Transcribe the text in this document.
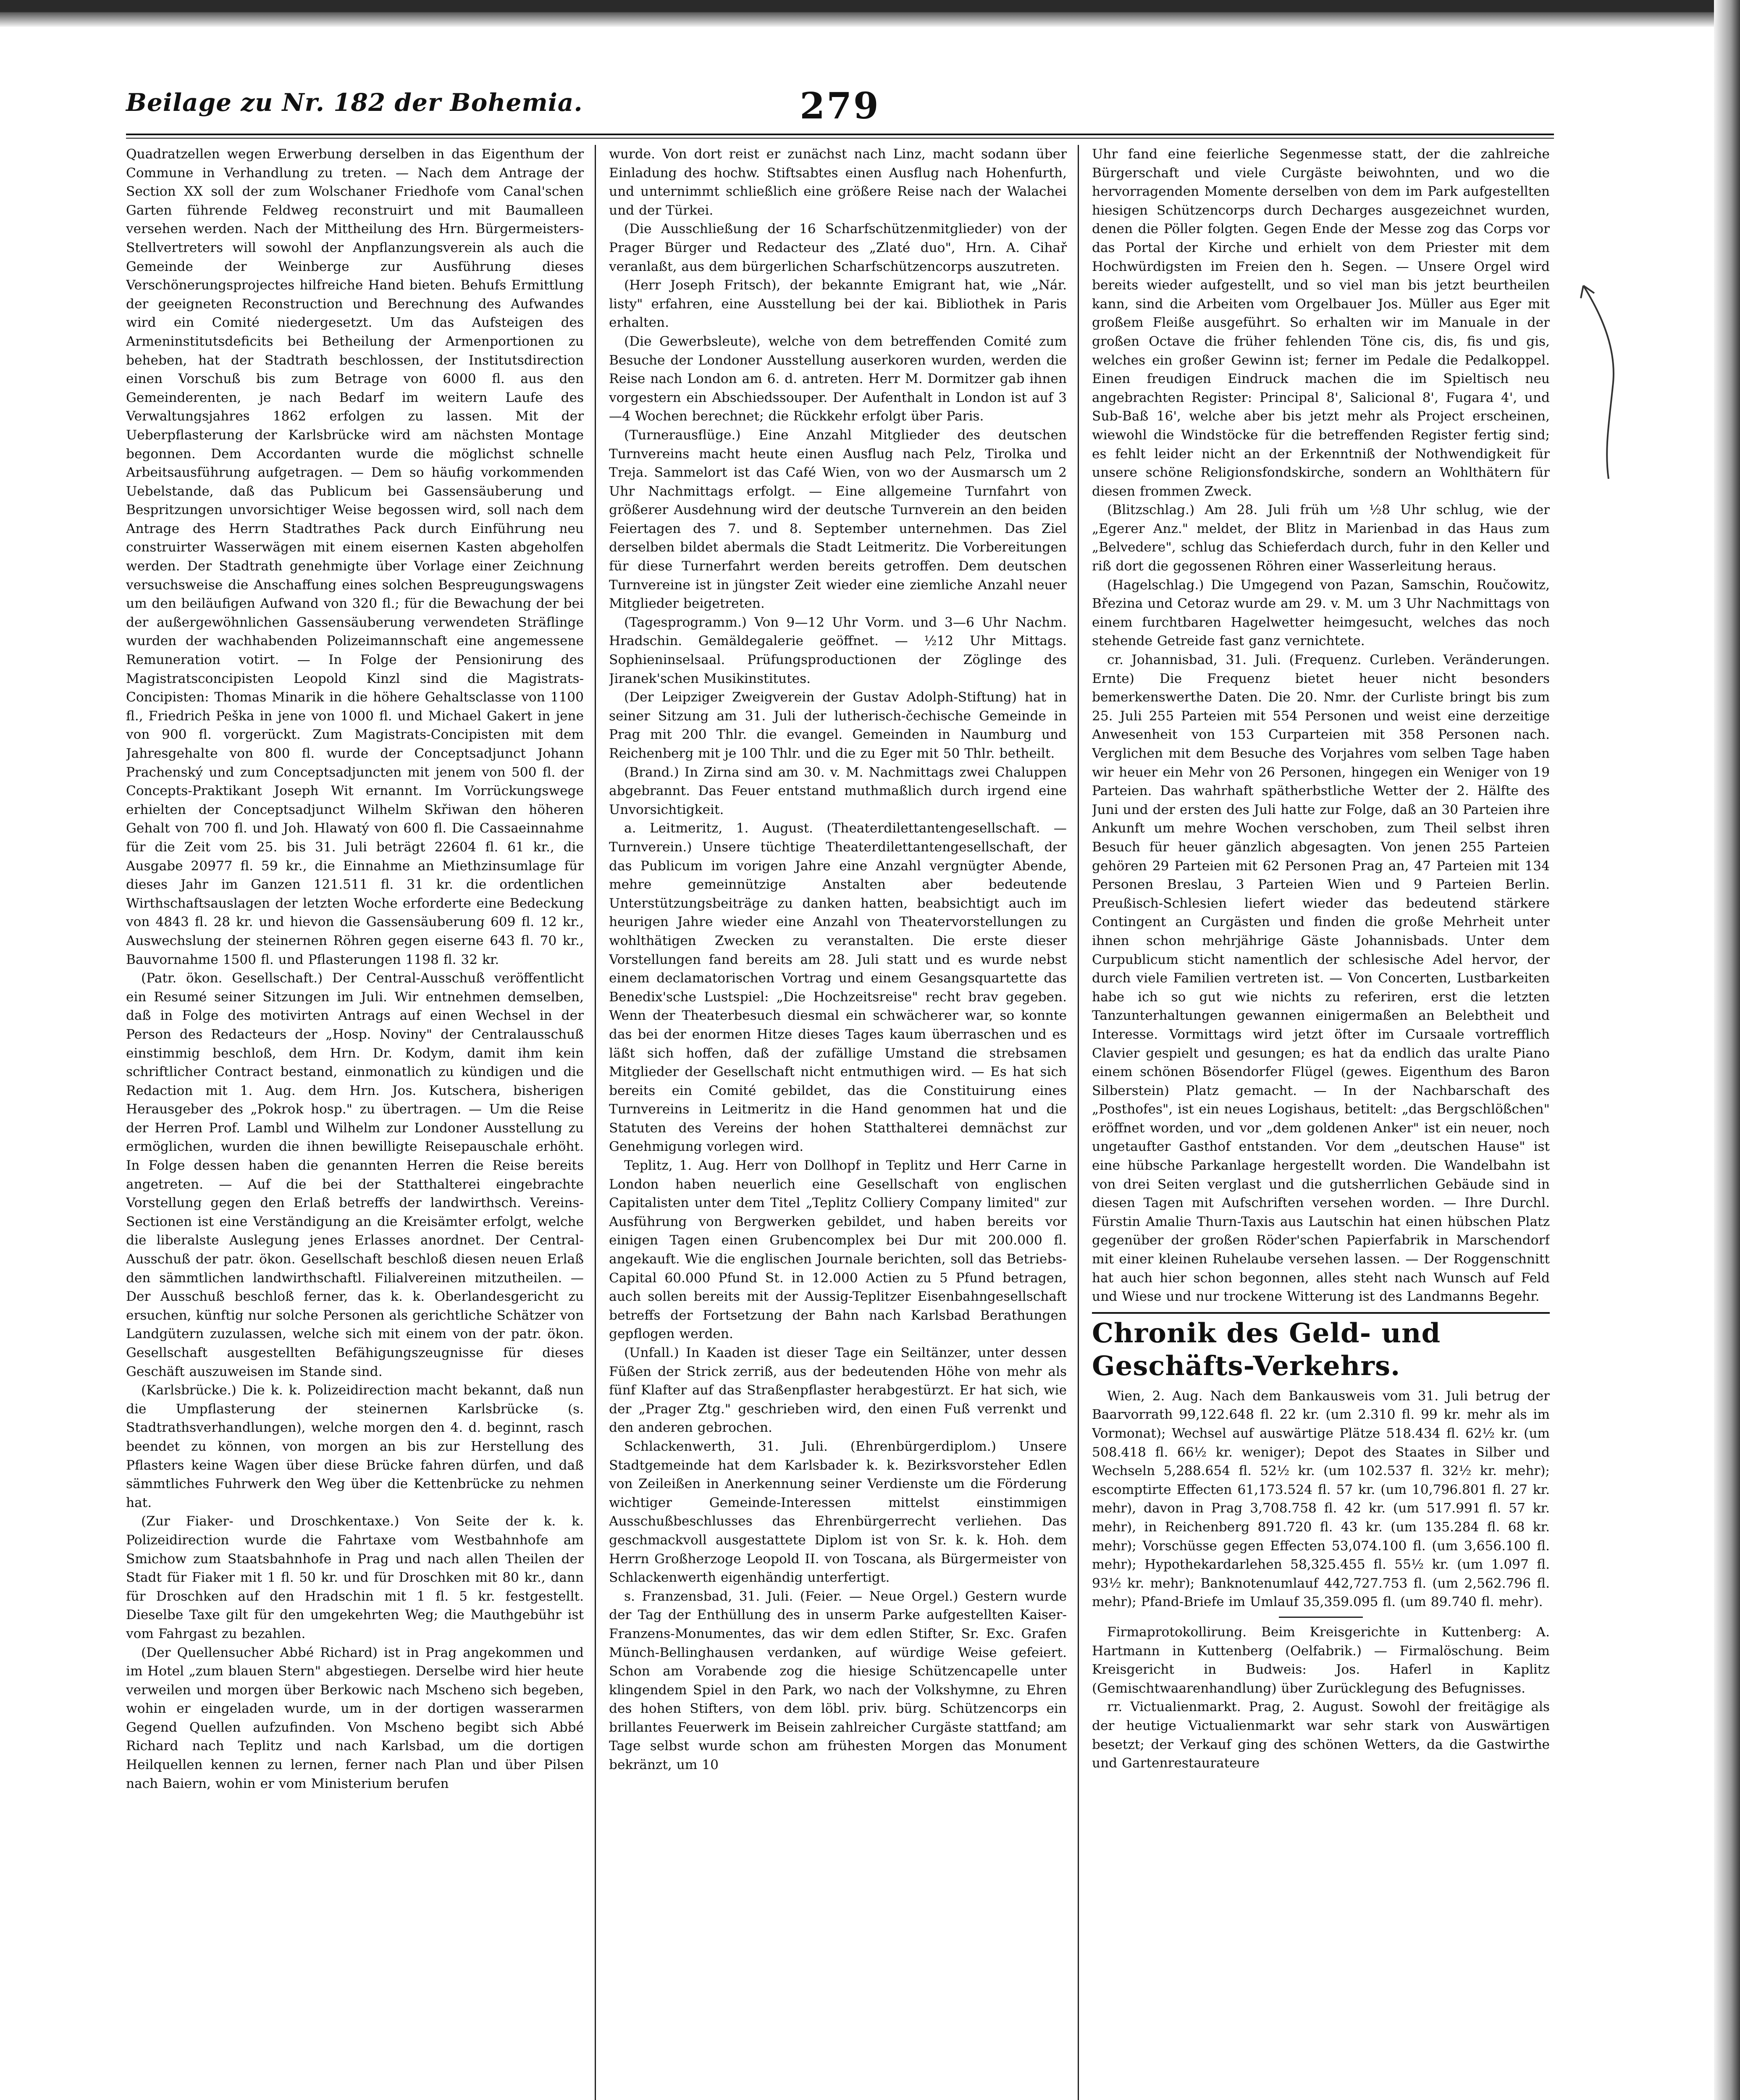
Beilage zu Nr. 182 der Bohemia.	279

Quadratzellen wegen Erwerbung derselben in das Eigenthum der Commune in Verhandlung zu treten. — Nach dem Antrage der Section XX soll der zum Wolschaner Friedhofe vom Canal'schen Garten führende Feldweg reconstruirt und mit Baumalleen versehen werden. Nach der Mittheilung des Hrn. Bürgermeisters-Stellvertreters will sowohl der Anpflanzungsverein als auch die Gemeinde der Weinberge zur Ausführung dieses Verschönerungsprojectes hilfreiche Hand bieten. Behufs Ermittlung der geeigneten Reconstruction und Berechnung des Aufwandes wird ein Comité niedergesetzt. Um das Aufsteigen des Armeninstitutsdeficits bei Betheilung der Armenportionen zu beheben, hat der Stadtrath beschlossen, der Institutsdirection einen Vorschuß bis zum Betrage von 6000 fl. aus den Gemeinderenten, je nach Bedarf im weitern Laufe des Verwaltungsjahres 1862 erfolgen zu lassen. Mit der Ueberpflasterung der Karlsbrücke wird am nächsten Montage begonnen. Dem Accordanten wurde die möglichst schnelle Arbeitsausführung aufgetragen. — Dem so häufig vorkommenden Uebelstande, daß das Publicum bei Gassensäuberung und Bespritzungen unvorsichtiger Weise begossen wird, soll nach dem Antrage des Herrn Stadtrathes Pack durch Einführung neu construirter Wasserwägen mit einem eisernen Kasten abgeholfen werden. Der Stadtrath genehmigte über Vorlage einer Zeichnung versuchsweise die Anschaffung eines solchen Bespreugungswagens um den beiläufigen Aufwand von 320 fl.; für die Bewachung der bei der außergewöhnlichen Gassensäuberung verwendeten Sträflinge wurden der wachhabenden Polizeimannschaft eine angemessene Remuneration votirt. — In Folge der Pensionirung des Magistratsconcipisten Leopold Kinzl sind die Magistrats-Concipisten: Thomas Minarik in die höhere Gehaltsclasse von 1100 fl., Friedrich Peška in jene von 1000 fl. und Michael Gakert in jene von 900 fl. vorgerückt. Zum Magistrats-Concipisten mit dem Jahresgehalte von 800 fl. wurde der Conceptsadjunct Johann Prachenský und zum Conceptsadjuncten mit jenem von 500 fl. der Concepts-Praktikant Joseph Wit ernannt. Im Vorrückungswege erhielten der Conceptsadjunct Wilhelm Skřiwan den höheren Gehalt von 700 fl. und Joh. Hlawatý von 600 fl. Die Cassaeinnahme für die Zeit vom 25. bis 31. Juli beträgt 22604 fl. 61 kr., die Ausgabe 20977 fl. 59 kr., die Einnahme an Miethzinsumlage für dieses Jahr im Ganzen 121.511 fl. 31 kr. die ordentlichen Wirthschaftsauslagen der letzten Woche erforderte eine Bedeckung von 4843 fl. 28 kr. und hievon die Gassensäuberung 609 fl. 12 kr., Auswechslung der steinernen Röhren gegen eiserne 643 fl. 70 kr., Bauvornahme 1500 fl. und Pflasterungen 1198 fl. 32 kr.

(Patr. ökon. Gesellschaft.) Der Central-Ausschuß veröffentlicht ein Resumé seiner Sitzungen im Juli. Wir entnehmen demselben, daß in Folge des motivirten Antrags auf einen Wechsel in der Person des Redacteurs der „Hosp. Noviny" der Centralausschuß einstimmig beschloß, dem Hrn. Dr. Kodym, damit ihm kein schriftlicher Contract bestand, einmonatlich zu kündigen und die Redaction mit 1. Aug. dem Hrn. Jos. Kutschera, bisherigen Herausgeber des „Pokrok hosp." zu übertragen. — Um die Reise der Herren Prof. Lambl und Wilhelm zur Londoner Ausstellung zu ermöglichen, wurden die ihnen bewilligte Reisepauschale erhöht. In Folge dessen haben die genannten Herren die Reise bereits angetreten. — Auf die bei der Statthalterei eingebrachte Vorstellung gegen den Erlaß betreffs der landwirthsch. Vereins-Sectionen ist eine Verständigung an die Kreisämter erfolgt, welche die liberalste Auslegung jenes Erlasses anordnet. Der Central-Ausschuß der patr. ökon. Gesellschaft beschloß diesen neuen Erlaß den sämmtlichen landwirthschaftl. Filialvereinen mitzutheilen. — Der Ausschuß beschloß ferner, das k. k. Oberlandesgericht zu ersuchen, künftig nur solche Personen als gerichtliche Schätzer von Landgütern zuzulassen, welche sich mit einem von der patr. ökon. Gesellschaft ausgestellten Befähigungszeugnisse für dieses Geschäft auszuweisen im Stande sind.

(Karlsbrücke.) Die k. k. Polizeidirection macht bekannt, daß nun die Umpflasterung der steinernen Karlsbrücke (s. Stadtrathsverhandlungen), welche morgen den 4. d. beginnt, rasch beendet zu können, von morgen an bis zur Herstellung des Pflasters keine Wagen über diese Brücke fahren dürfen, und daß sämmtliches Fuhrwerk den Weg über die Kettenbrücke zu nehmen hat.

(Zur Fiaker- und Droschkentaxe.) Von Seite der k. k. Polizeidirection wurde die Fahrtaxe vom Westbahnhofe am Smichow zum Staatsbahnhofe in Prag und nach allen Theilen der Stadt für Fiaker mit 1 fl. 50 kr. und für Droschken mit 80 kr., dann für Droschken auf den Hradschin mit 1 fl. 5 kr. festgestellt. Dieselbe Taxe gilt für den umgekehrten Weg; die Mauthgebühr ist vom Fahrgast zu bezahlen.

(Der Quellensucher Abbé Richard) ist in Prag angekommen und im Hotel „zum blauen Stern" abgestiegen. Derselbe wird hier heute verweilen und morgen über Berkowic nach Mscheno sich begeben, wohin er eingeladen wurde, um in der dortigen wasserarmen Gegend Quellen aufzufinden. Von Mscheno begibt sich Abbé Richard nach Teplitz und nach Karlsbad, um die dortigen Heilquellen kennen zu lernen, ferner nach Plan und über Pilsen nach Baiern, wohin er vom Ministerium berufen

wurde. Von dort reist er zunächst nach Linz, macht sodann über Einladung des hochw. Stiftsabtes einen Ausflug nach Hohenfurth, und unternimmt schließlich eine größere Reise nach der Walachei und der Türkei.

(Die Ausschließung der 16 Scharfschützenmitglieder) von der Prager Bürger und Redacteur des „Zlaté duo", Hrn. A. Cihař veranlaßt, aus dem bürgerlichen Scharfschützencorps auszutreten.

(Herr Joseph Fritsch), der bekannte Emigrant hat, wie „Nár. listy" erfahren, eine Ausstellung bei der kai. Bibliothek in Paris erhalten.

(Die Gewerbsleute), welche von dem betreffenden Comité zum Besuche der Londoner Ausstellung auserkoren wurden, werden die Reise nach London am 6. d. antreten. Herr M. Dormitzer gab ihnen vorgestern ein Abschiedssouper. Der Aufenthalt in London ist auf 3—4 Wochen berechnet; die Rückkehr erfolgt über Paris.

(Turnerausflüge.) Eine Anzahl Mitglieder des deutschen Turnvereins macht heute einen Ausflug nach Pelz, Tirolka und Treja. Sammelort ist das Café Wien, von wo der Ausmarsch um 2 Uhr Nachmittags erfolgt. — Eine allgemeine Turnfahrt von größerer Ausdehnung wird der deutsche Turnverein an den beiden Feiertagen des 7. und 8. September unternehmen. Das Ziel derselben bildet abermals die Stadt Leitmeritz. Die Vorbereitungen für diese Turnerfahrt werden bereits getroffen. Dem deutschen Turnvereine ist in jüngster Zeit wieder eine ziemliche Anzahl neuer Mitglieder beigetreten.

(Tagesprogramm.) Von 9—12 Uhr Vorm. und 3—6 Uhr Nachm. Hradschin. Gemäldegalerie geöffnet. — ½12 Uhr Mittags. Sophieninselsaal. Prüfungsproductionen der Zöglinge des Jiranek'schen Musikinstitutes.

(Der Leipziger Zweigverein der Gustav Adolph-Stiftung) hat in seiner Sitzung am 31. Juli der lutherisch-čechische Gemeinde in Prag mit 200 Thlr. die evangel. Gemeinden in Naumburg und Reichenberg mit je 100 Thlr. und die zu Eger mit 50 Thlr. betheilt.

(Brand.) In Zirna sind am 30. v. M. Nachmittags zwei Chaluppen abgebrannt. Das Feuer entstand muthmaßlich durch irgend eine Unvorsichtigkeit.

a. Leitmeritz, 1. August. (Theaterdilettantengesellschaft. — Turnverein.) Unsere tüchtige Theaterdilettantengesellschaft, der das Publicum im vorigen Jahre eine Anzahl vergnügter Abende, mehre gemeinnützige Anstalten aber bedeutende Unterstützungsbeiträge zu danken hatten, beabsichtigt auch im heurigen Jahre wieder eine Anzahl von Theatervorstellungen zu wohlthätigen Zwecken zu veranstalten. Die erste dieser Vorstellungen fand bereits am 28. Juli statt und es wurde nebst einem declamatorischen Vortrag und einem Gesangsquartette das Benedix'sche Lustspiel: „Die Hochzeitsreise" recht brav gegeben. Wenn der Theaterbesuch diesmal ein schwächerer war, so konnte das bei der enormen Hitze dieses Tages kaum überraschen und es läßt sich hoffen, daß der zufällige Umstand die strebsamen Mitglieder der Gesellschaft nicht entmuthigen wird. — Es hat sich bereits ein Comité gebildet, das die Constituirung eines Turnvereins in Leitmeritz in die Hand genommen hat und die Statuten des Vereins der hohen Statthalterei demnächst zur Genehmigung vorlegen wird.

Teplitz, 1. Aug. Herr von Dollhopf in Teplitz und Herr Carne in London haben neuerlich eine Gesellschaft von englischen Capitalisten unter dem Titel „Teplitz Colliery Company limited" zur Ausführung von Bergwerken gebildet, und haben bereits vor einigen Tagen einen Grubencomplex bei Dur mit 200.000 fl. angekauft. Wie die englischen Journale berichten, soll das Betriebs-Capital 60.000 Pfund St. in 12.000 Actien zu 5 Pfund betragen, auch sollen bereits mit der Aussig-Teplitzer Eisenbahngesellschaft betreffs der Fortsetzung der Bahn nach Karlsbad Berathungen gepflogen werden.

(Unfall.) In Kaaden ist dieser Tage ein Seiltänzer, unter dessen Füßen der Strick zerriß, aus der bedeutenden Höhe von mehr als fünf Klafter auf das Straßenpflaster herabgestürzt. Er hat sich, wie der „Prager Ztg." geschrieben wird, den einen Fuß verrenkt und den anderen gebrochen.

Schlackenwerth, 31. Juli. (Ehrenbürgerdiplom.) Unsere Stadtgemeinde hat dem Karlsbader k. k. Bezirksvorsteher Edlen von Zeileißen in Anerkennung seiner Verdienste um die Förderung wichtiger Gemeinde-Interessen mittelst einstimmigen Ausschußbeschlusses das Ehrenbürgerrecht verliehen. Das geschmackvoll ausgestattete Diplom ist von Sr. k. k. Hoh. dem Herrn Großherzoge Leopold II. von Toscana, als Bürgermeister von Schlackenwerth eigenhändig unterfertigt.

s. Franzensbad, 31. Juli. (Feier. — Neue Orgel.) Gestern wurde der Tag der Enthüllung des in unserm Parke aufgestellten Kaiser-Franzens-Monumentes, das wir dem edlen Stifter, Sr. Exc. Grafen Münch-Bellinghausen verdanken, auf würdige Weise gefeiert. Schon am Vorabende zog die hiesige Schützencapelle unter klingendem Spiel in den Park, wo nach der Volkshymne, zu Ehren des hohen Stifters, von dem löbl. priv. bürg. Schützencorps ein brillantes Feuerwerk im Beisein zahlreicher Curgäste stattfand; am Tage selbst wurde schon am frühesten Morgen das Monument bekränzt, um 10

Uhr fand eine feierliche Segenmesse statt, der die zahlreiche Bürgerschaft und viele Curgäste beiwohnten, und wo die hervorragenden Momente derselben von dem im Park aufgestellten hiesigen Schützencorps durch Decharges ausgezeichnet wurden, denen die Pöller folgten. Gegen Ende der Messe zog das Corps vor das Portal der Kirche und erhielt von dem Priester mit dem Hochwürdigsten im Freien den h. Segen. — Unsere Orgel wird bereits wieder aufgestellt, und so viel man bis jetzt beurtheilen kann, sind die Arbeiten vom Orgelbauer Jos. Müller aus Eger mit großem Fleiße ausgeführt. So erhalten wir im Manuale in der großen Octave die früher fehlenden Töne cis, dis, fis und gis, welches ein großer Gewinn ist; ferner im Pedale die Pedalkoppel. Einen freudigen Eindruck machen die im Spieltisch neu angebrachten Register: Principal 8', Salicional 8', Fugara 4', und Sub-Baß 16', welche aber bis jetzt mehr als Project erscheinen, wiewohl die Windstöcke für die betreffenden Register fertig sind; es fehlt leider nicht an der Erkenntniß der Nothwendigkeit für unsere schöne Religionsfondskirche, sondern an Wohlthätern für diesen frommen Zweck.

(Blitzschlag.) Am 28. Juli früh um ½8 Uhr schlug, wie der „Egerer Anz." meldet, der Blitz in Marienbad in das Haus zum „Belvedere", schlug das Schieferdach durch, fuhr in den Keller und riß dort die gegossenen Röhren einer Wasserleitung heraus.

(Hagelschlag.) Die Umgegend von Pazan, Samschin, Roučowitz, Březina und Cetoraz wurde am 29. v. M. um 3 Uhr Nachmittags von einem furchtbaren Hagelwetter heimgesucht, welches das noch stehende Getreide fast ganz vernichtete.

cr. Johannisbad, 31. Juli. (Frequenz. Curleben. Veränderungen. Ernte) Die Frequenz bietet heuer nicht besonders bemerkenswerthe Daten. Die 20. Nmr. der Curliste bringt bis zum 25. Juli 255 Parteien mit 554 Personen und weist eine derzeitige Anwesenheit von 153 Curparteien mit 358 Personen nach. Verglichen mit dem Besuche des Vorjahres vom selben Tage haben wir heuer ein Mehr von 26 Personen, hingegen ein Weniger von 19 Parteien. Das wahrhaft spätherbstliche Wetter der 2. Hälfte des Juni und der ersten des Juli hatte zur Folge, daß an 30 Parteien ihre Ankunft um mehre Wochen verschoben, zum Theil selbst ihren Besuch für heuer gänzlich abgesagten. Von jenen 255 Parteien gehören 29 Parteien mit 62 Personen Prag an, 47 Parteien mit 134 Personen Breslau, 3 Parteien Wien und 9 Parteien Berlin. Preußisch-Schlesien liefert wieder das bedeutend stärkere Contingent an Curgästen und finden die große Mehrheit unter ihnen schon mehrjährige Gäste Johannisbads. Unter dem Curpublicum sticht namentlich der schlesische Adel hervor, der durch viele Familien vertreten ist. — Von Concerten, Lustbarkeiten habe ich so gut wie nichts zu referiren, erst die letzten Tanzunterhaltungen gewannen einigermaßen an Belebtheit und Interesse. Vormittags wird jetzt öfter im Cursaale vortrefflich Clavier gespielt und gesungen; es hat da endlich das uralte Piano einem schönen Bösendorfer Flügel (gewes. Eigenthum des Baron Silberstein) Platz gemacht. — In der Nachbarschaft des „Posthofes", ist ein neues Logishaus, betitelt: „das Bergschlößchen" eröffnet worden, und vor „dem goldenen Anker" ist ein neuer, noch ungetaufter Gasthof entstanden. Vor dem „deutschen Hause" ist eine hübsche Parkanlage hergestellt worden. Die Wandelbahn ist von drei Seiten verglast und die gutsherrlichen Gebäude sind in diesen Tagen mit Aufschriften versehen worden. — Ihre Durchl. Fürstin Amalie Thurn-Taxis aus Lautschin hat einen hübschen Platz gegenüber der großen Röder'schen Papierfabrik in Marschendorf mit einer kleinen Ruhelaube versehen lassen. — Der Roggenschnitt hat auch hier schon begonnen, alles steht nach Wunsch auf Feld und Wiese und nur trockene Witterung ist des Landmanns Begehr.

Chronik des Geld- und Geschäfts-Verkehrs.

Wien, 2. Aug. Nach dem Bankausweis vom 31. Juli betrug der Baarvorrath 99,122.648 fl. 22 kr. (um 2.310 fl. 99 kr. mehr als im Vormonat); Wechsel auf auswärtige Plätze 518.434 fl. 62½ kr. (um 508.418 fl. 66½ kr. weniger); Depot des Staates in Silber und Wechseln 5,288.654 fl. 52½ kr. (um 102.537 fl. 32½ kr. mehr); escomptirte Effecten 61,173.524 fl. 57 kr. (um 10,796.801 fl. 27 kr. mehr), davon in Prag 3,708.758 fl. 42 kr. (um 517.991 fl. 57 kr. mehr), in Reichenberg 891.720 fl. 43 kr. (um 135.284 fl. 68 kr. mehr); Vorschüsse gegen Effecten 53,074.100 fl. (um 3,656.100 fl. mehr); Hypothekardarlehen 58,325.455 fl. 55½ kr. (um 1.097 fl. 93½ kr. mehr); Banknotenumlauf 442,727.753 fl. (um 2,562.796 fl. mehr); Pfand-Briefe im Umlauf 35,359.095 fl. (um 89.740 fl. mehr).

Firmaprotokollirung. Beim Kreisgerichte in Kuttenberg: A. Hartmann in Kuttenberg (Oelfabrik.) — Firmalöschung. Beim Kreisgericht in Budweis: Jos. Haferl in Kaplitz (Gemischtwaarenhandlung) über Zurücklegung des Befugnisses.

rr. Victualienmarkt. Prag, 2. August. Sowohl der freitägige als der heutige Victualienmarkt war sehr stark von Auswärtigen besetzt; der Verkauf ging des schönen Wetters, da die Gastwirthe und Gartenrestaurateure
